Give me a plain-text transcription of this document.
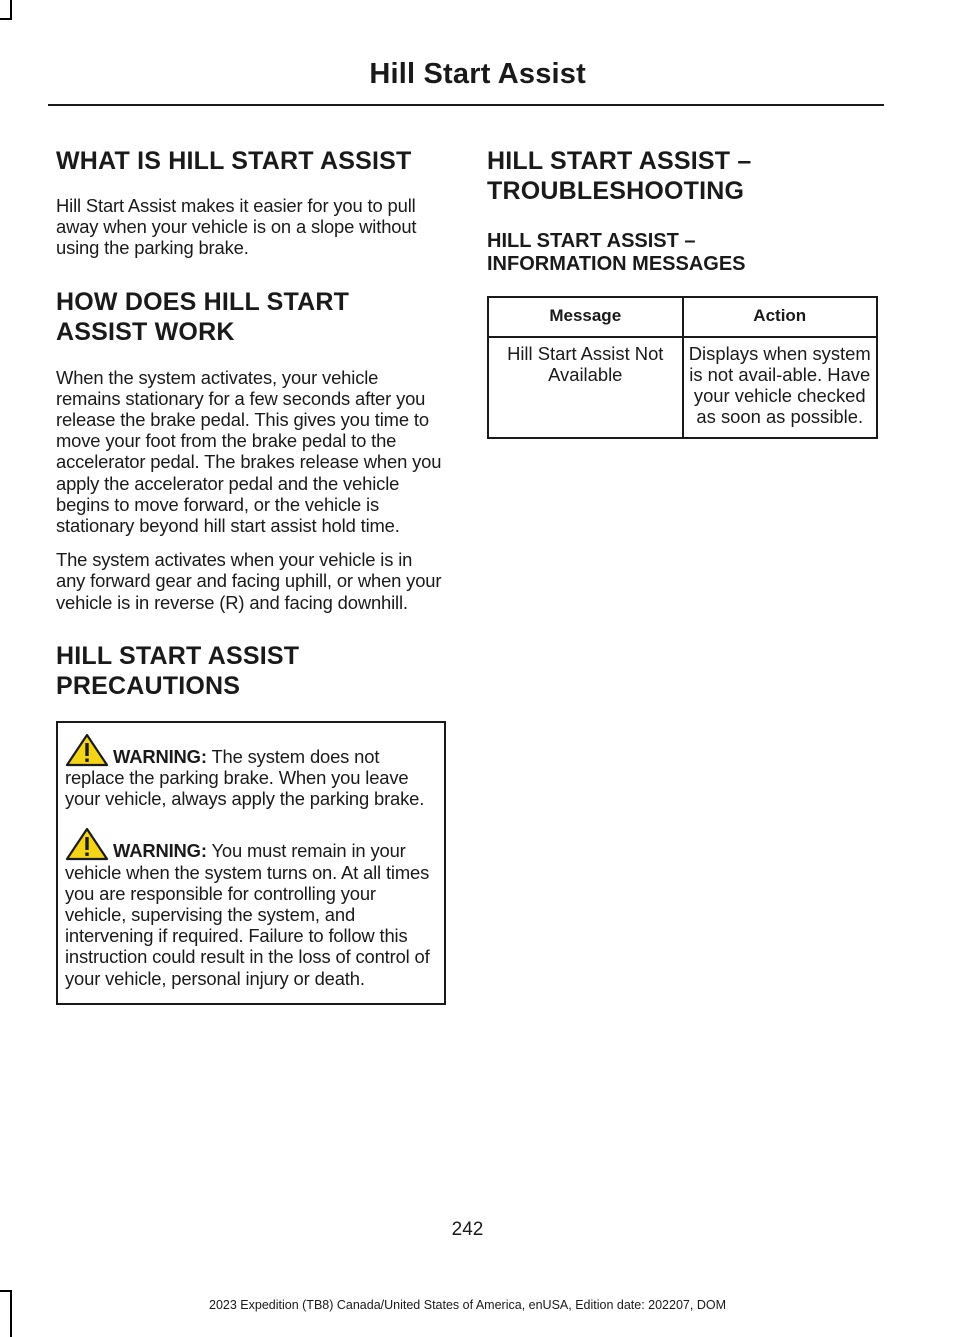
Hill Start Assist
WHAT IS HILL START ASSIST

Hill Start Assist makes it easier for you to pull away when your vehicle is on a slope without using the parking brake.

HOW DOES HILL START
ASSIST WORK

When the system activates, your vehicle remains stationary for a few seconds after you release the brake pedal. This gives you time to move your foot from the brake pedal to the accelerator pedal. The brakes release when you apply the accelerator pedal and the vehicle begins to move forward, or the vehicle is stationary beyond hill start assist hold time.

The system activates when your vehicle is in any forward gear and facing uphill, or when your vehicle is in reverse (R) and facing downhill.

HILL START ASSIST
PRECAUTIONS
WARNING: The system does not replace the parking brake. When you leave your vehicle, always apply the parking brake.
WARNING: You must remain in your vehicle when the system turns on. At all times you are responsible for controlling your vehicle, supervising the system, and intervening if required. Failure to follow this instruction could result in the loss of control of your vehicle, personal injury or death.
HILL START ASSIST –
TROUBLESHOOTING
HILL START ASSIST –
INFORMATION MESSAGES
Message	Action
Hill Start Assist Not Available	Displays when system is not avail-able. Have your vehicle checked as soon as possible.
242
2023 Expedition (TB8) Canada/United States of America, enUSA, Edition date: 202207, DOM
